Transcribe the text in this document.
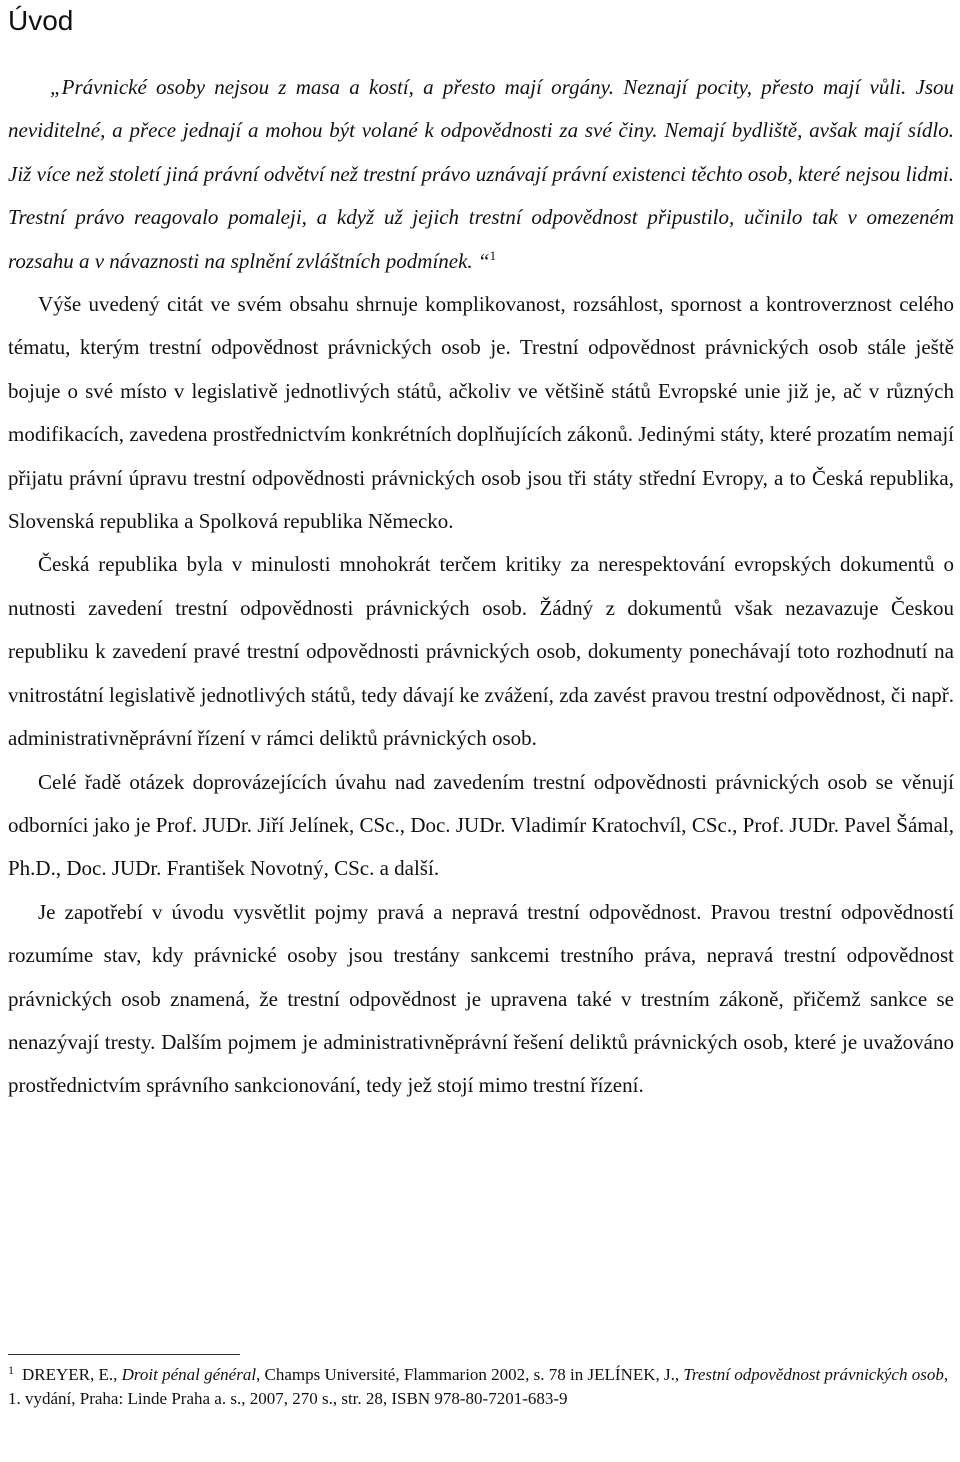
Úvod

„Právnické osoby nejsou z masa a kostí, a přesto mají orgány. Neznají pocity, přesto mají vůli. Jsou neviditelné, a přece jednají a mohou být volané k odpovědnosti za své činy. Nemají bydliště, avšak mají sídlo. Již více než století jiná právní odvětví než trestní právo uznávají právní existenci těchto osob, které nejsou lidmi. Trestní právo reagovalo pomaleji, a když už jejich trestní odpovědnost připustilo, učinilo tak v omezeném rozsahu a v návaznosti na splnění zvláštních podmínek. “$^1$

Výše uvedený citát ve svém obsahu shrnuje komplikovanost, rozsáhlost, spornost a kontroverznost celého tématu, kterým trestní odpovědnost právnických osob je. Trestní odpovědnost právnických osob stále ještě bojuje o své místo v legislativě jednotlivých států, ačkoliv ve většině států Evropské unie již je, ač v různých modifikacích, zavedena prostřednictvím konkrétních doplňujících zákonů. Jedinými státy, které prozatím nemají přijatu právní úpravu trestní odpovědnosti právnických osob jsou tři státy střední Evropy, a to Česká republika, Slovenská republika a Spolková republika Německo.

Česká republika byla v minulosti mnohokrát terčem kritiky za nerespektování evropských dokumentů o nutnosti zavedení trestní odpovědnosti právnických osob. Žádný z dokumentů však nezavazuje Českou republiku k zavedení pravé trestní odpovědnosti právnických osob, dokumenty ponechávají toto rozhodnutí na vnitrostátní legislativě jednotlivých států, tedy dávají ke zvážení, zda zavést pravou trestní odpovědnost, či např. administrativněprávní řízení v rámci deliktů právnických osob.

Celé řadě otázek doprovázejících úvahu nad zavedením trestní odpovědnosti právnických osob se věnují odborníci jako je Prof. JUDr. Jiří Jelínek, CSc., Doc. JUDr. Vladimír Kratochvíl, CSc., Prof. JUDr. Pavel Šámal, Ph.D., Doc. JUDr. František Novotný, CSc. a další.

Je zapotřebí v úvodu vysvětlit pojmy pravá a nepravá trestní odpovědnost. Pravou trestní odpovědností rozumíme stav, kdy právnické osoby jsou trestány sankcemi trestního práva, nepravá trestní odpovědnost právnických osob znamená, že trestní odpovědnost je upravena také v trestním zákoně, přičemž sankce se nenazývají tresty. Dalším pojmem je administrativněprávní řešení deliktů právnických osob, které je uvažováno prostřednictvím správního sankcionování, tedy jež stojí mimo trestní řízení.

$^1$ DREYER, E., Droit pénal général, Champs Université, Flammarion 2002, s. 78 in JELÍNEK, J., Trestní odpovědnost právnických osob, 1. vydání, Praha: Linde Praha a. s., 2007, 270 s., str. 28, ISBN 978-80-7201-683-9
